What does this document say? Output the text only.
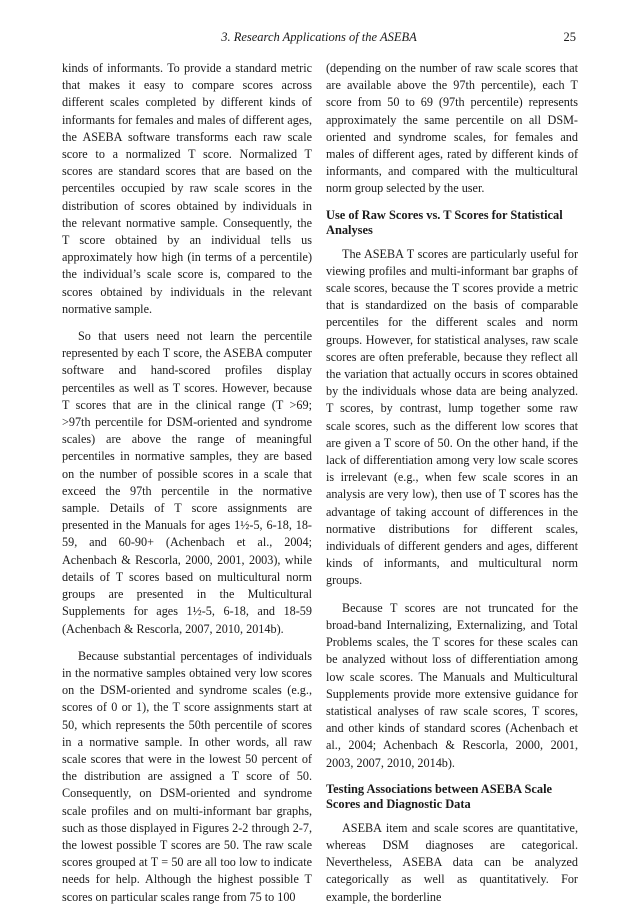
3. Research Applications of the ASEBA	25

kinds of informants. To provide a standard metric that makes it easy to compare scores across different scales completed by different kinds of informants for females and males of different ages, the ASEBA software transforms each raw scale score to a normalized T score. Normalized T scores are standard scores that are based on the percentiles occupied by raw scale scores in the distribution of scores obtained by individuals in the relevant normative sample. Consequently, the T score obtained by an individual tells us approximately how high (in terms of a percentile) the individual’s scale score is, compared to the scores obtained by individuals in the relevant normative sample.

So that users need not learn the percentile represented by each T score, the ASEBA computer software and hand-scored profiles display percentiles as well as T scores. However, because T scores that are in the clinical range (T >69; >97th percentile for DSM-oriented and syndrome scales) are above the range of meaningful percentiles in normative samples, they are based on the number of possible scores in a scale that exceed the 97th percentile in the normative sample. Details of T score assignments are presented in the Manuals for ages 1½-5, 6-18, 18-59, and 60-90+ (Achenbach et al., 2004; Achenbach & Rescorla, 2000, 2001, 2003), while details of T scores based on multicultural norm groups are presented in the Multicultural Supplements for ages 1½-5, 6-18, and 18-59 (Achenbach & Rescorla, 2007, 2010, 2014b).

Because substantial percentages of individuals in the normative samples obtained very low scores on the DSM-oriented and syndrome scales (e.g., scores of 0 or 1), the T score assignments start at 50, which represents the 50th percentile of scores in a normative sample. In other words, all raw scale scores that were in the lowest 50 percent of the distribution are assigned a T score of 50. Consequently, on DSM-oriented and syndrome scale profiles and on multi-informant bar graphs, such as those displayed in Figures 2-2 through 2-7, the lowest possible T scores are 50. The raw scale scores grouped at T = 50 are all too low to indicate needs for help. Although the highest possible T scores on particular scales range from 75 to 100

(depending on the number of raw scale scores that are available above the 97th percentile), each T score from 50 to 69 (97th percentile) represents approximately the same percentile on all DSM-oriented and syndrome scales, for females and males of different ages, rated by different kinds of informants, and compared with the multicultural norm group selected by the user.

Use of Raw Scores vs. T Scores for Statistical Analyses

The ASEBA T scores are particularly useful for viewing profiles and multi-informant bar graphs of scale scores, because the T scores provide a metric that is standardized on the basis of comparable percentiles for the different scales and norm groups. However, for statistical analyses, raw scale scores are often preferable, because they reflect all the variation that actually occurs in scores obtained by the individuals whose data are being analyzed. T scores, by contrast, lump together some raw scale scores, such as the different low scores that are given a T score of 50. On the other hand, if the lack of differentiation among very low scale scores is irrelevant (e.g., when few scale scores in an analysis are very low), then use of T scores has the advantage of taking account of differences in the normative distributions for different scales, individuals of different genders and ages, different kinds of informants, and multicultural norm groups.

Because T scores are not truncated for the broad-band Internalizing, Externalizing, and Total Problems scales, the T scores for these scales can be analyzed without loss of differentiation among low scale scores. The Manuals and Multicultural Supplements provide more extensive guidance for statistical analyses of raw scale scores, T scores, and other kinds of standard scores (Achenbach et al., 2004; Achenbach & Rescorla, 2000, 2001, 2003, 2007, 2010, 2014b).

Testing Associations between ASEBA Scale Scores and Diagnostic Data

ASEBA item and scale scores are quantitative, whereas DSM diagnoses are categorical. Nevertheless, ASEBA data can be analyzed categorically as well as quantitatively. For example, the borderline
